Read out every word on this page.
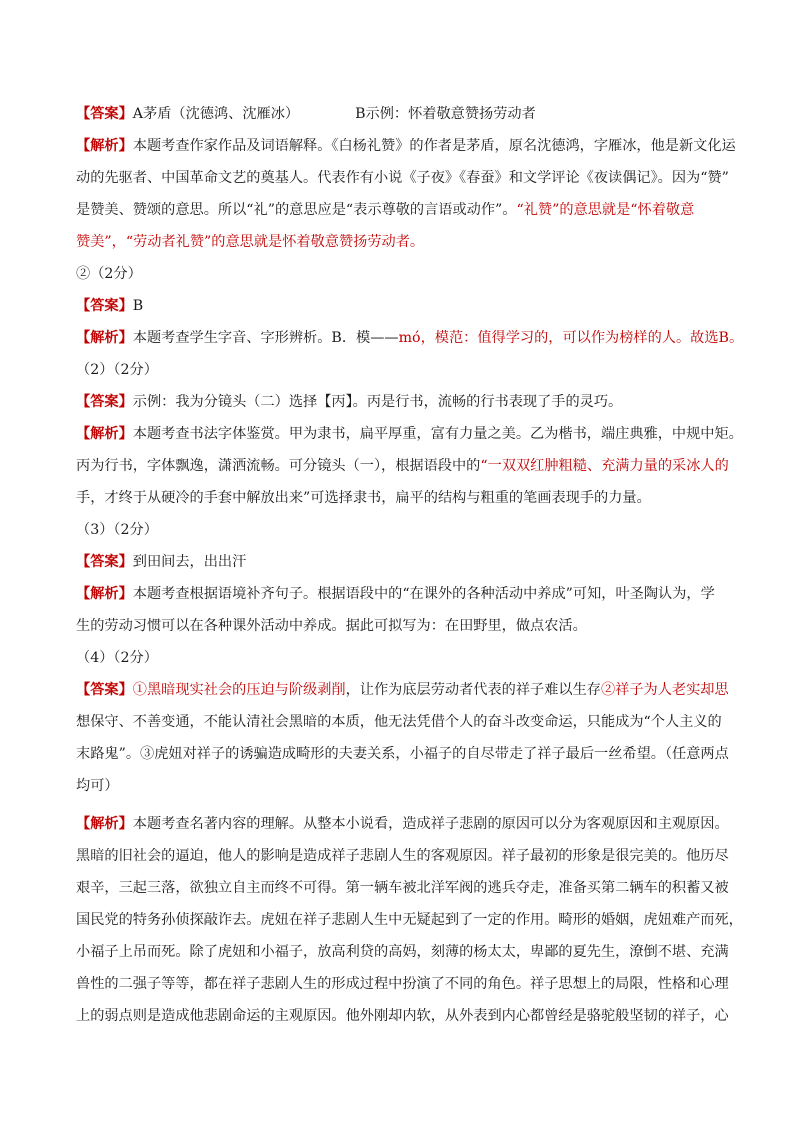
【答案】 A茅盾（沈德鸿、沈雁冰）	B示例：怀着敬意赞扬劳动者
【解析】 本题考查作家作品及词语解释。《白杨礼赞》的作者是茅盾，原名沈德鸿，字雁冰，他是新文化运
动的先驱者、中国革命文艺的奠基人。代表作有小说《子夜》《春蚕》和文学评论《夜读偶记》。因为“赞”
是赞美、赞颂的意思。所以“礼”的意思应是“表示尊敬的言语或动作”。 “礼赞”的意思就是“怀着敬意
赞美”，“劳动者礼赞”的意思就是怀着敬意赞扬劳动者。
②（2分）
【答案】 B
【解析】 本题考查学生字音、字形辨析。B．模—— mó，模范：值得学习的，可以作为榜样的人。故选B。
（2）（2分）
【答案】 示例：我为分镜头（二）选择【丙】。丙是行书，流畅的行书表现了手的灵巧。
【解析】 本题考查书法字体鉴赏。甲为隶书，扁平厚重，富有力量之美。乙为楷书，端庄典雅，中规中矩。
丙为行书，字体飘逸，潇洒流畅。可分镜头（一），根据语段中的 “一双双红肿粗糙、充满力量的采冰人的
手，才终于从硬冷的手套中解放出来”可选择隶书，扁平的结构与粗重的笔画表现手的力量。
（3）（2分）
【答案】 到田间去，出出汗
【解析】 本题考查根据语境补齐句子。根据语段中的“在课外的各种活动中养成”可知，叶圣陶认为，学
生的劳动习惯可以在各种课外活动中养成。据此可拟写为：在田野里，做点农活。
（4）（2分）
【答案】 ①黑暗现实社会的压迫与阶级剥削 ，让作为底层劳动者代表的祥子难以生存 ②祥子为人老实却思
想保守、不善变通，不能认清社会黑暗的本质，他无法凭借个人的奋斗改变命运，只能成为“个人主义的
末路鬼”。③虎妞对祥子的诱骗造成畸形的夫妻关系，小福子的自尽带走了祥子最后一丝希望。（任意两点
均可）
【解析】 本题考查名著内容的理解。从整本小说看，造成祥子悲剧的原因可以分为客观原因和主观原因。
黑暗的旧社会的逼迫，他人的影响是造成祥子悲剧人生的客观原因。祥子最初的形象是很完美的。他历尽
艰辛，三起三落，欲独立自主而终不可得。第一辆车被北洋军阀的逃兵夺走，准备买第二辆车的积蓄又被
国民党的特务孙侦探敲诈去。虎妞在祥子悲剧人生中无疑起到了一定的作用。畸形的婚姻，虎妞难产而死，
小福子上吊而死。除了虎妞和小福子，放高利贷的高妈，刻薄的杨太太，卑鄙的夏先生，潦倒不堪、充满
兽性的二强子等等，都在祥子悲剧人生的形成过程中扮演了不同的角色。祥子思想上的局限，性格和心理
上的弱点则是造成他悲剧命运的主观原因。他外刚却内软，从外表到内心都曾经是骆驼般坚韧的祥子，心
